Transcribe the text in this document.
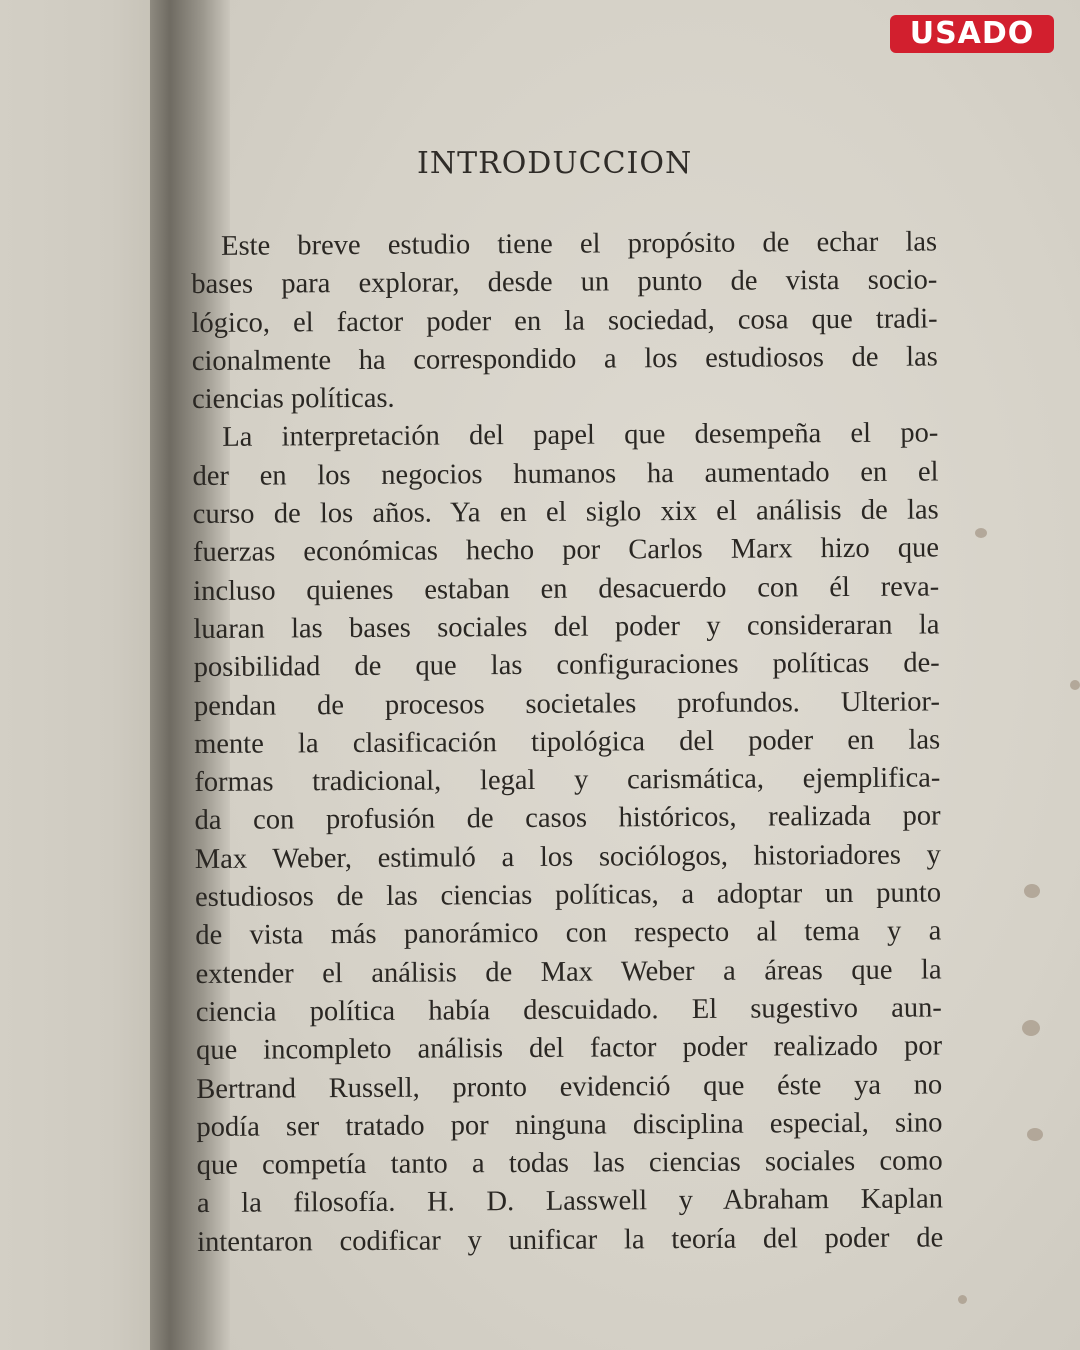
USADO
INTRODUCCION
Este breve estudio tiene el propósito de echar las
bases para explorar, desde un punto de vista socio-
lógico, el factor poder en la sociedad, cosa que tradi-
cionalmente ha correspondido a los estudiosos de las
ciencias políticas.
La interpretación del papel que desempeña el po-
der en los negocios humanos ha aumentado en el
curso de los años. Ya en el siglo xix el análisis de las
fuerzas económicas hecho por Carlos Marx hizo que
incluso quienes estaban en desacuerdo con él reva-
luaran las bases sociales del poder y consideraran la
posibilidad de que las configuraciones políticas de-
pendan de procesos societales profundos. Ulterior-
mente la clasificación tipológica del poder en las
formas tradicional, legal y carismática, ejemplifica-
da con profusión de casos históricos, realizada por
Max Weber, estimuló a los sociólogos, historiadores y
estudiosos de las ciencias políticas, a adoptar un punto
de vista más panorámico con respecto al tema y a
extender el análisis de Max Weber a áreas que la
ciencia política había descuidado. El sugestivo aun-
que incompleto análisis del factor poder realizado por
Bertrand Russell, pronto evidenció que éste ya no
podía ser tratado por ninguna disciplina especial, sino
que competía tanto a todas las ciencias sociales como
a la filosofía. H. D. Lasswell y Abraham Kaplan
intentaron codificar y unificar la teoría del poder de
